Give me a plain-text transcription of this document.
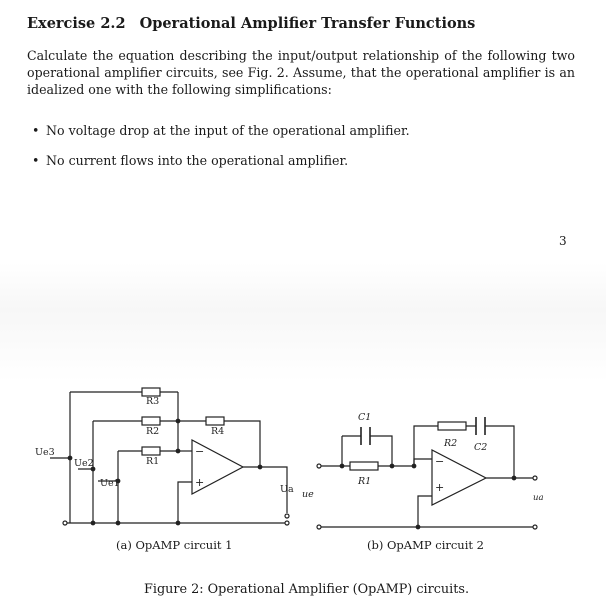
Exercise 2.2 Operational Amplifier Transfer Functions
Calculate the equation describing the input/output relationship of the following two operational amplifier circuits, see Fig. 2. Assume, that the operational amplifier is an idealized one with the following simplifications:
• No voltage drop at the input of the operational amplifier.
• No current flows into the operational amplifier.
3
R3
R2
R1
R4
Ue3
Ue2
Ue1
Ua ue
−
+
C1
R1
R2 C2
ua
−
+
(a) OpAMP circuit 1	(b) OpAMP circuit 2
Figure 2: Operational Amplifier (OpAMP) circuits.
